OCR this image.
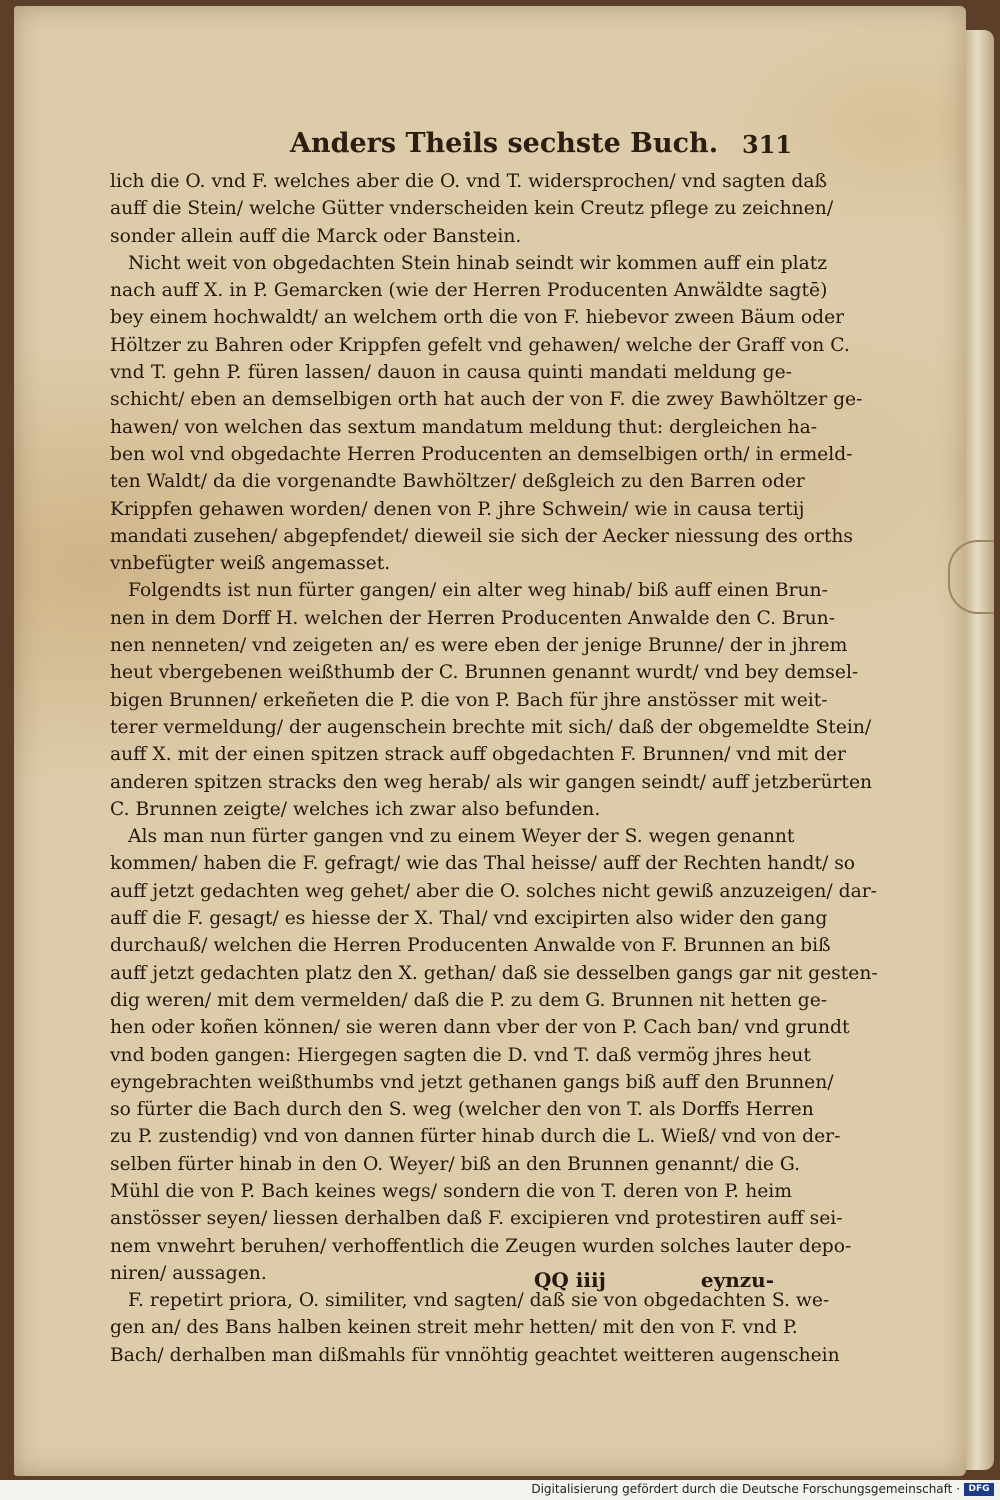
Anders Theils sechste Buch. 311
lich die O. vnd F. welches aber die O. vnd T. widersprochen/ vnd sagten daß
auff die Stein/ welche Gütter vnderscheiden kein Creutz pflege zu zeichnen/
sonder allein auff die Marck oder Banstein.
Nicht weit von obgedachten Stein hinab seindt wir kommen auff ein platz
nach auff X. in P. Gemarcken (wie der Herren Producenten Anwäldte sagtē)
bey einem hochwaldt/ an welchem orth die von F. hiebevor zween Bäum oder
Höltzer zu Bahren oder Krippfen gefelt vnd gehawen/ welche der Graff von C.
vnd T. gehn P. füren lassen/ dauon in causa quinti mandati meldung ge-
schicht/ eben an demselbigen orth hat auch der von F. die zwey Bawhöltzer ge-
hawen/ von welchen das sextum mandatum meldung thut: dergleichen ha-
ben wol vnd obgedachte Herren Producenten an demselbigen orth/ in ermeld-
ten Waldt/ da die vorgenandte Bawhöltzer/ deßgleich zu den Barren oder
Krippfen gehawen worden/ denen von P. jhre Schwein/ wie in causa tertij
mandati zusehen/ abgepfendet/ dieweil sie sich der Aecker niessung des orths
vnbefügter weiß angemasset.
Folgendts ist nun fürter gangen/ ein alter weg hinab/ biß auff einen Brun-
nen in dem Dorff H. welchen der Herren Producenten Anwalde den C. Brun-
nen nenneten/ vnd zeigeten an/ es were eben der jenige Brunne/ der in jhrem
heut vbergebenen weißthumb der C. Brunnen genannt wurdt/ vnd bey demsel-
bigen Brunnen/ erkeñeten die P. die von P. Bach für jhre anstösser mit weit-
terer vermeldung/ der augenschein brechte mit sich/ daß der obgemeldte Stein/
auff X. mit der einen spitzen strack auff obgedachten F. Brunnen/ vnd mit der
anderen spitzen stracks den weg herab/ als wir gangen seindt/ auff jetzberürten
C. Brunnen zeigte/ welches ich zwar also befunden.
Als man nun fürter gangen vnd zu einem Weyer der S. wegen genannt
kommen/ haben die F. gefragt/ wie das Thal heisse/ auff der Rechten handt/ so
auff jetzt gedachten weg gehet/ aber die O. solches nicht gewiß anzuzeigen/ dar-
auff die F. gesagt/ es hiesse der X. Thal/ vnd excipirten also wider den gang
durchauß/ welchen die Herren Producenten Anwalde von F. Brunnen an biß
auff jetzt gedachten platz den X. gethan/ daß sie desselben gangs gar nit gesten-
dig weren/ mit dem vermelden/ daß die P. zu dem G. Brunnen nit hetten ge-
hen oder koñen können/ sie weren dann vber der von P. Cach ban/ vnd grundt
vnd boden gangen: Hiergegen sagten die D. vnd T. daß vermög jhres heut
eyngebrachten weißthumbs vnd jetzt gethanen gangs biß auff den Brunnen/
so fürter die Bach durch den S. weg (welcher den von T. als Dorffs Herren
zu P. zustendig) vnd von dannen fürter hinab durch die L. Wieß/ vnd von der-
selben fürter hinab in den O. Weyer/ biß an den Brunnen genannt/ die G.
Mühl die von P. Bach keines wegs/ sondern die von T. deren von P. heim
anstösser seyen/ liessen derhalben daß F. excipieren vnd protestiren auff sei-
nem vnwehrt beruhen/ verhoffentlich die Zeugen wurden solches lauter depo-
niren/ aussagen.
F. repetirt priora, O. similiter, vnd sagten/ daß sie von obgedachten S. we-
gen an/ des Bans halben keinen streit mehr hetten/ mit den von F. vnd P.
Bach/ derhalben man dißmahls für vnnöhtig geachtet weitteren augenschein
QQ iiij	eynzu-
Digitalisierung gefördert durch die Deutsche Forschungsgemeinschaft · DFG
